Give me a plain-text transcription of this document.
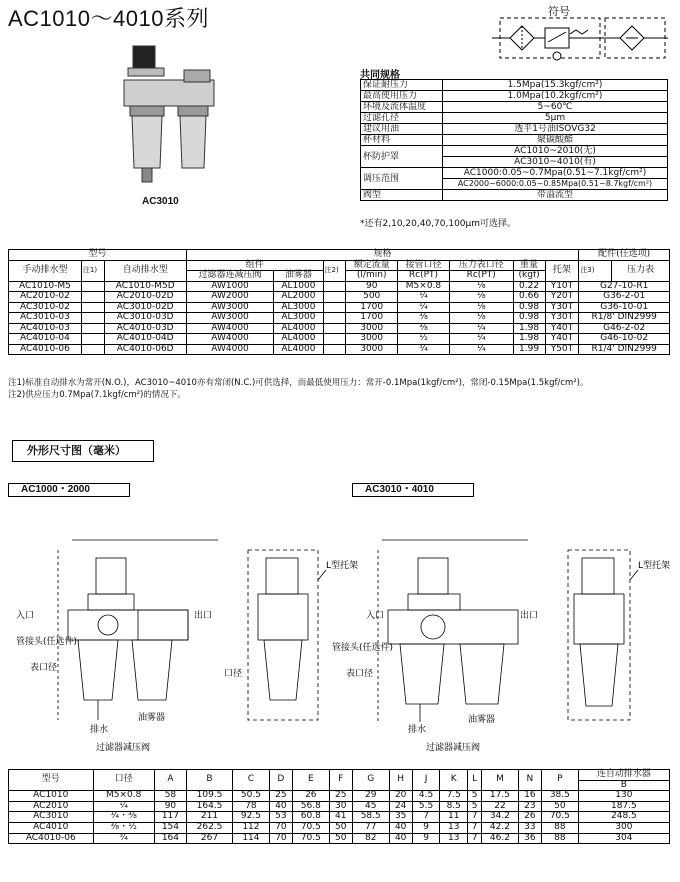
AC1010～4010系列	符号
AC3010
共同规格
保证耐压力	1.5Mpa(15.3kgf/cm²)
最高使用压力	1.0Mpa(10.2kgf/cm²)
环境及流体温度	5~60℃
过滤孔径	5μm
建议用油	透平1号油ISOVG32
杯材料	聚碳酸酯
杯防护罩	AC1010~2010(无)
	AC3010~4010(有)
调压范围	AC1000:0.05~0.7Mpa(0.51~7.1kgf/cm²)
	AC2000~6000:0.05~0.85Mpa(0.51~8.7kgf/cm²)
阀型	带溢流型
*还有2,10,20,40,70,100μm可选择。
型号			规格								配件(任选项)	
手动排水型	注1)	自动排水型	组件		注2)	额定流量	接管口径	压力表口径	重量	托架	注3)	压力表
			过滤器连减压阀	油雾器		(l/min)	Rc(PT)	Rc(PT)	(kgf)			
AC1010-M5		AC1010-M5D	AW1000	AL1000		90	M5×0.8	⅛	0.22	Y10T	G27-10-R1	
AC2010-02		AC2010-02D	AW2000	AL2000		500	¼	⅛	0.66	Y20T	G36-2-01	
AC3010-02		AC3010-02D	AW3000	AL3000		1700	¼	⅛	0.98	Y30T	G36-10-01	
AC3010-03		AC3010-03D	AW3000	AL3000		1700	⅜	⅛	0.98	Y30T	R1/8' DIN2999	
AC4010-03		AC4010-03D	AW4000	AL4000		3000	⅜	¼	1.98	Y40T	G46-2-02	
AC4010-04		AC4010-04D	AW4000	AL4000		3000	½	¼	1.98	Y40T	G46-10-02	
AC4010-06		AC4010-06D	AW4000	AL4000		3000	¾	¼	1.99	Y50T	R1/4' DIN2999	
注1)标准自动排水为常开(N.O.)，AC3010~4010亦有常闭(N.C.)可供选择，而最低使用压力：常开-0.1Mpa(1kgf/cm²)，常闭-0.15Mpa(1.5kgf/cm²)。
注2)供应压力0.7Mpa(7.1kgf/cm²)的情况下。
外形尺寸图（毫米）
AC1000・2000	AC3010・4010
入口	出口
管接头(任选件)
表口径
排水
油雾器
过滤器减压阀
L型托架
口径
入口	出口
管接头(任选件)
表口径
排水
油雾器
过滤器减压阀
L型托架
型号	口径	A	B	C	D	E	F	G	H	J	K	L	M	N	P	连自动排水器
																B
AC1010	M5×0.8	58	109.5	50.5	25	26	25	29	20	4.5	7.5	5	17.5	16	38.5	130
AC2010	¼	90	164.5	78	40	56.8	30	45	24	5.5	8.5	5	22	23	50	187.5
AC3010	¼・⅜	117	211	92.5	53	60.8	41	58.5	35	7	11	7	34.2	26	70.5	248.5
AC4010	⅜・½	154	262.5	112	70	70.5	50	77	40	9	13	7	42.2	33	88	300
AC4010-06	¾	164	267	114	70	70.5	50	82	40	9	13	7	46.2	36	88	304
